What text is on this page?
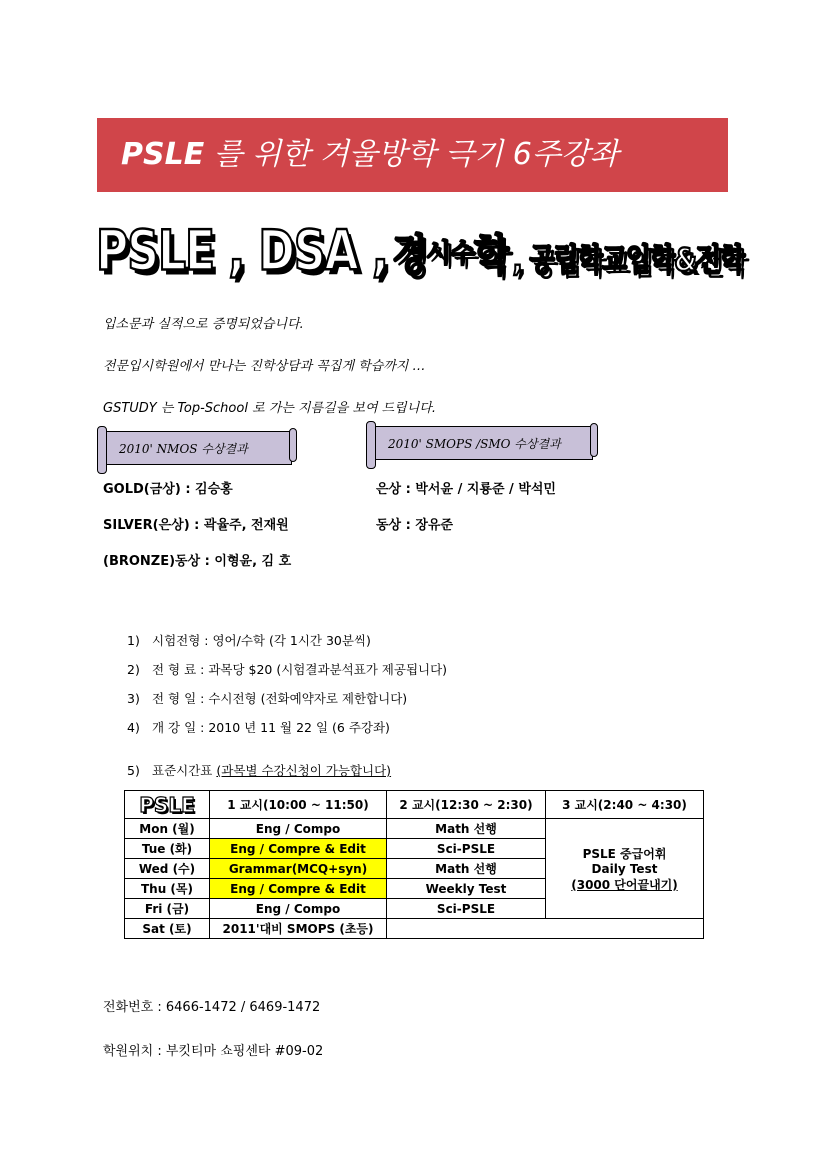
PSLE 를 위한 겨울방학 극기 6주강좌
PSLE , DSA , 경시수학 , 공립학교입학&전학
입소문과 실적으로 증명되었습니다.
전문입시학원에서 만나는 진학상담과 꼭집게 학습까지 …
GSTUDY 는 Top-School 로 가는 지름길을 보여 드립니다.
2010' NMOS 수상결과	2010' SMOPS /SMO 수상결과
GOLD(금상) : 김승홍
SILVER(은상) : 곽율주, 전재원
(BRONZE)동상 : 이형윤, 김 호
은상 : 박서윤 / 지룡준 / 박석민
동상 : 장유준
1) 시험전형 : 영어/수학 (각 1시간 30분씩)
2) 전 형 료 : 과목당 $20 (시험결과분석표가 제공됩니다)
3) 전 형 일 : 수시전형 (전화예약자로 제한합니다)
4) 개 강 일 : 2010 년 11 월 22 일 (6 주강좌)
5) 표준시간표 (과목별 수강신청이 가능합니다)
PSLE	1 교시(10:00 ~ 11:50)	2 교시(12:30 ~ 2:30)	3 교시(2:40 ~ 4:30)
Mon (월)	Eng / Compo	Math 선행	PSLE 중급어휘
Daily Test
(3000 단어끝내기)

Tue (화)	Eng / Compre & Edit	Sci-PSLE	
Wed (수)	Grammar(MCQ+syn)	Math 선행	
Thu (목)	Eng / Compre & Edit	Weekly Test	
Fri (금)	Eng / Compo	Sci-PSLE	
Sat (토)	2011'대비 SMOPS (초등)		
전화번호 : 6466-1472 / 6469-1472
학원위치 : 부킷티마 쇼핑센타 #09-02
